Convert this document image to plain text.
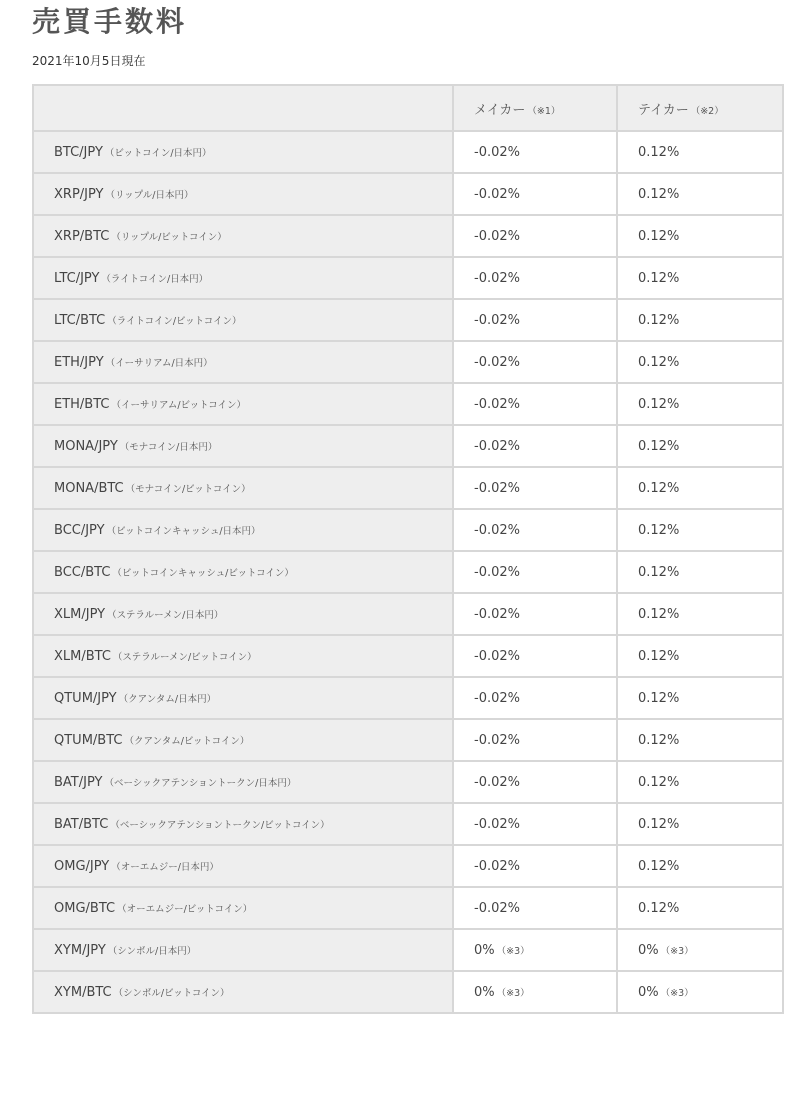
売買手数料
2021年10月5日現在
	メイカー （※1）	テイカー （※2）
BTC/JPY （ビットコイン/日本円）	-0.02%	0.12%
XRP/JPY （リップル/日本円）	-0.02%	0.12%
XRP/BTC （リップル/ビットコイン）	-0.02%	0.12%
LTC/JPY （ライトコイン/日本円）	-0.02%	0.12%
LTC/BTC （ライトコイン/ビットコイン）	-0.02%	0.12%
ETH/JPY （イーサリアム/日本円）	-0.02%	0.12%
ETH/BTC （イーサリアム/ビットコイン）	-0.02%	0.12%
MONA/JPY （モナコイン/日本円）	-0.02%	0.12%
MONA/BTC （モナコイン/ビットコイン）	-0.02%	0.12%
BCC/JPY （ビットコインキャッシュ/日本円）	-0.02%	0.12%
BCC/BTC （ビットコインキャッシュ/ビットコイン）	-0.02%	0.12%
XLM/JPY （ステラルーメン/日本円）	-0.02%	0.12%
XLM/BTC （ステラルーメン/ビットコイン）	-0.02%	0.12%
QTUM/JPY （クアンタム/日本円）	-0.02%	0.12%
QTUM/BTC （クアンタム/ビットコイン）	-0.02%	0.12%
BAT/JPY （ベーシックアテンショントークン/日本円）	-0.02%	0.12%
BAT/BTC （ベーシックアテンショントークン/ビットコイン）	-0.02%	0.12%
OMG/JPY （オーエムジー/日本円）	-0.02%	0.12%
OMG/BTC （オーエムジー/ビットコイン）	-0.02%	0.12%
XYM/JPY （シンボル/日本円）	0% （※3）	0% （※3）
XYM/BTC （シンボル/ビットコイン）	0% （※3）	0% （※3）
